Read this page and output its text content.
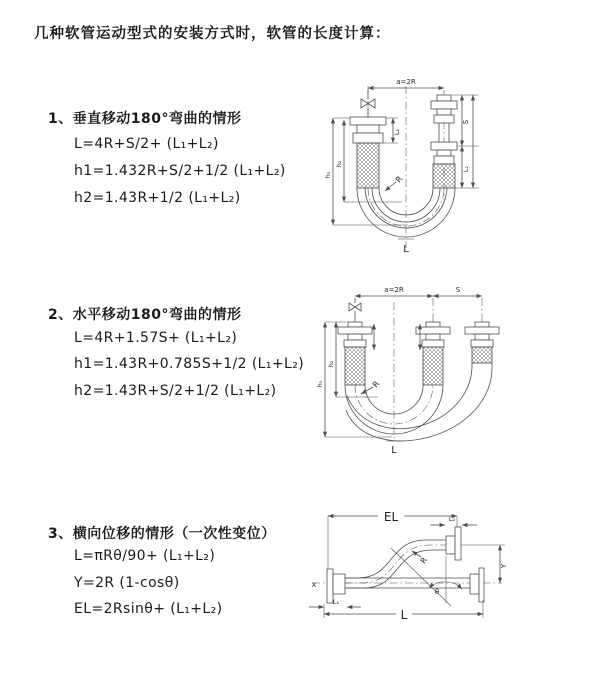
几种软管运动型式的安装方式时，软管的长度计算：
1、垂直移动180°弯曲的情形
L=4R+S/2+ (L₁+L₂)
h1=1.432R+S/2+1/2 (L₁+L₂)
h2=1.43R+1/2 (L₁+L₂)
2、水平移动180°弯曲的情形
L=4R+1.57S+ (L₁+L₂)
h1=1.43R+0.785S+1/2 (L₁+L₂)
h2=1.43R+S/2+1/2 (L₁+L₂)
3、横向位移的情形（一次性变位）
L=πRθ/90+ (L₁+L₂)
Y=2R (1-cosθ)
EL=2Rsinθ+ (L₁+L₂)
a=2R
h₁
h₂
S
L₂
L₁
R
L
a=2R	S
h₁
h₂
R
L
θ
EL	L₂
Y
R
L
L₁
X
